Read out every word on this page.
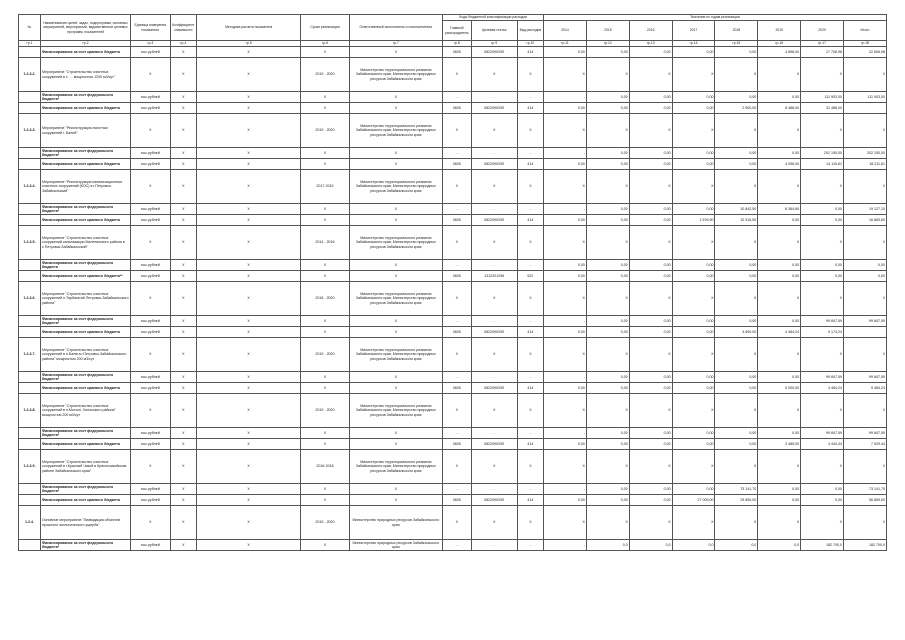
№	Наименование целей, задач, подпрограмм, основных мероприятий, мероприятий, ведомственных целевых программ, показателей	Единица измерения показателя	Коэффициент значимости	Методика расчета показателя	Сроки реализации	Ответственный исполнитель и соисполнители	Коды бюджетной классификации расходов			Значения по годам реализации							
							Главный распорядитель	Целевая статья	Вид расходов	2014	2015	2016	2017	2018	2019	2020	Итого
гр.1	гр.2	гр.3	гр.4	гр.5	гр.6	гр.7	гр.8	гр.9	гр.10	гр.11	гр.12	гр.13	гр.14	гр.15	гр.16	гр.17	гр.18
	Финансирование за счет краевого бюджета	тыс.рублей	X	X	X	X	0605	0822090290	414	0,00	0,00	0,00	0,00	0,00	4 898,00	17 708,98	22 606,98
1.2.3.2.	Мероприятие "Строительство очистных сооружений в с. ... мощностью 1200 м3/сут"	X	X	X	2019 - 2020	Министерство территориального развития Забайкальского края, Министерство природных ресурсов Забайкальского края	X	X	X	X	X	X	X	X	X	X	X
	Финансирование за счет федерального бюджета*	тыс.рублей	X	X	X	X	-	-	-	-	0,00	0,00	0,00	0,00	0,00	111 903,00	111 903,00
	Финансирование за счет краевого бюджета	тыс.рублей	X	X	X	X	0605	0822090290	414	0,00	0,00	0,00	0,00	2 900,00	8 488,00	31 488,00	
1.2.3.3.	Мероприятие "Реконструкция очистных сооружений г. Балей"	X	X	X	2019 - 2020	Министерство территориального развития Забайкальского края, Министерство природных ресурсов Забайкальского края	X	X	X	X	X	X	X	X	X	X	X
	Финансирование за счет федерального бюджета*	тыс.рублей	X	X	X	X	-	-	-	-	0,00	0,00	0,00	0,00	0,00	202 150,00	202 150,00
	Финансирование за счет краевого бюджета	тыс.рублей	X	X	X	X	0605	0822090290	414	0,00	0,00	0,00	0,00	0,00	4 096,00	14 115,61	18 211,61
1.2.3.4.	Мероприятие "Реконструкция канализационных очистных сооружений (КОС) в г.Петровск-Забайкальский"	X	X	X	2017-2019	Министерство территориального развития Забайкальского края, Министерство природных ресурсов Забайкальского края	X	X	X	X	X	X	X	X	X	X	X
	Финансирование за счет федерального бюджета*	тыс.рублей	X	X	X	X	-	-	-	-	0,00	0,00	0,00	10 842,50	8 364,60	0,00	19 127,10
	Финансирование за счет краевого бюджета	тыс.рублей	X	X	X	X	0605	0822090290	414	0,00	0,00	0,00	1 576,90	10 316,50	0,00	0,00	16 883,60
1.2.3.5.	Мероприятие "Строительство очистных сооружений канализации Малетинского района в с.Петровск-Забайкальский"	X	X	X	2014 - 2016	Министерство территориального развития Забайкальского края, Министерство природных ресурсов Забайкальского края	X	X	X	X	X	X	X	X	X	X	X
	Финансирование за счет федерального бюджета	тыс.рублей	X	X	X	X	-	-	-	0,00	0,00	0,00	0,00	0,00	0,00	0,00	0,00
	Финансирование за счет краевого бюджета**	тыс.рублей	X	X	X	X	0605	1312201296	522	0,00	0,00	0,00	0,00	0,00	0,00	0,00	0,00
1.2.3.6.	Мероприятие "Строительство очистных сооружений п.Тарбагатай Петровск-Забайкальского района"	X	X	X	2018 - 2020	Министерство территориального развития Забайкальского края, Министерство природных ресурсов Забайкальского края	X	X	X	X	X	X	X	X	X	X	X
	Финансирование за счет федерального бюджета*	тыс.рублей	X	X	X	X	-	-	-	-	0,00	0,00	0,00	0,00	0,00	99 847,59	99 847,59
	Финансирование за счет краевого бюджета	тыс.рублей	X	X	X	X	0605	0822090290	414	0,00	0,00	0,00	0,00	4 690,00	4 484,24	9 174,24	
1.2.3.7.	Мероприятие "Строительство очистных сооружений в п.Балягa г.Петровск-Забайкальского района" мощностью 200 м3/сут	X	X	X	2019 - 2020	Министерство территориального развития Забайкальского края, Министерство природных ресурсов Забайкальского края	X	X	X	X	X	X	X	X	X	X	X
	Финансирование за счет федерального бюджета*	тыс.рублей	X	X	X	X	-	-	-	-	0,00	0,00	0,00	0,00	0,00	99 847,59	99 847,59
	Финансирование за счет краевого бюджета	тыс.рублей	X	X	X	X	0605	0822090290	414	0,00	0,00	0,00	0,00	0,00	5 000,00	4 484,24	9 484,24
1.2.3.8.	Мероприятие "Строительство очистных сооружений в п.Могзон, Хилокского района" мощностью 200 м3/сут	X	X	X	2019 - 2020	Министерство территориального развития Забайкальского края, Министерство природных ресурсов Забайкальского края	X	X	X	X	X	X	X	X	X	X	X
	Финансирование за счет федерального бюджета*	тыс.рублей	X	X	X	X	-	-	-	-	0,00	0,00	0,00	0,00	0,00	99 847,59	99 847,59
	Финансирование за счет краевого бюджета	тыс.рублей	X	X	X	X	0605	0822090290	414	0,00	0,00	0,00	0,00	0,00	3 485,00	4 444,44	7 929,44
1.2.3.9.	Мероприятие "Строительство очистных сооружений в г.Красный Чикой в Красночикойском районе Забайкальского края"	X	X	X	2016-2018	Министерство территориального развития Забайкальского края, Министерство природных ресурсов Забайкальского края	X	X	X	X	X	X	X	X	X	X	X
	Финансирование за счет федерального бюджета*	тыс.рублей	X	X	X	X	-	-	-	-	0,00	0,00	0,00	73 141,70	0,00	0,00	73 141,70
	Финансирование за счет краевого бюджета	тыс.рублей	X	X	X	X	0605	0822090290	414	0,00	0,00	0,00	27 009,00	29 850,00	0,00	0,00	56 859,00
1.2.4.	Основное мероприятие "Ликвидация объектов прошлого экологического ущерба"	X	X	X	2015 - 2020	Министерство природных ресурсов Забайкальского края	X	X	X	X	X	X	X	X	X	X	X
	Финансирование за счет федерального бюджета*	тыс.рублей	X	X	X	Министерство природных ресурсов Забайкальского края	-	-	-	-	0,0	0,0	0,0	0,0	0,0	182 700,0	182 700,0
